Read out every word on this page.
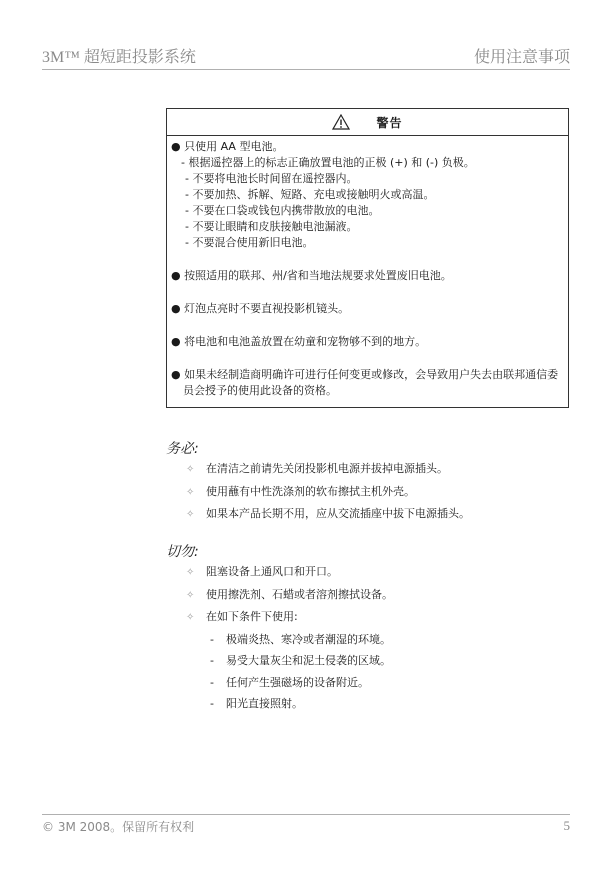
3M™ 超短距投影系统	使用注意事项
警告
● 只使用 AA 型电池。
- 根据遥控器上的标志正确放置电池的正极 (+) 和 (-) 负极。
- 不要将电池长时间留在遥控器内。
- 不要加热、拆解、短路、充电或接触明火或高温。
- 不要在口袋或钱包内携带散放的电池。
- 不要让眼睛和皮肤接触电池漏液。
- 不要混合使用新旧电池。
● 按照适用的联邦、州/省和当地法规要求处置废旧电池。
● 灯泡点亮时不要直视投影机镜头。
● 将电池和电池盖放置在幼童和宠物够不到的地方。
● 如果未经制造商明确许可进行任何变更或修改，会导致用户失去由联邦通信委员会授予的使用此设备的资格。
务必:
✧ 在清洁之前请先关闭投影机电源并拔掉电源插头。
✧ 使用蘸有中性洗涤剂的软布擦拭主机外壳。
✧ 如果本产品长期不用，应从交流插座中拔下电源插头。
切勿:
✧ 阻塞设备上通风口和开口。
✧ 使用擦洗剂、石蜡或者溶剂擦拭设备。
✧ 在如下条件下使用:
- 极端炎热、寒冷或者潮湿的环境。
- 易受大量灰尘和泥土侵袭的区域。
- 任何产生强磁场的设备附近。
- 阳光直接照射。
© 3M 2008。保留所有权利	5
